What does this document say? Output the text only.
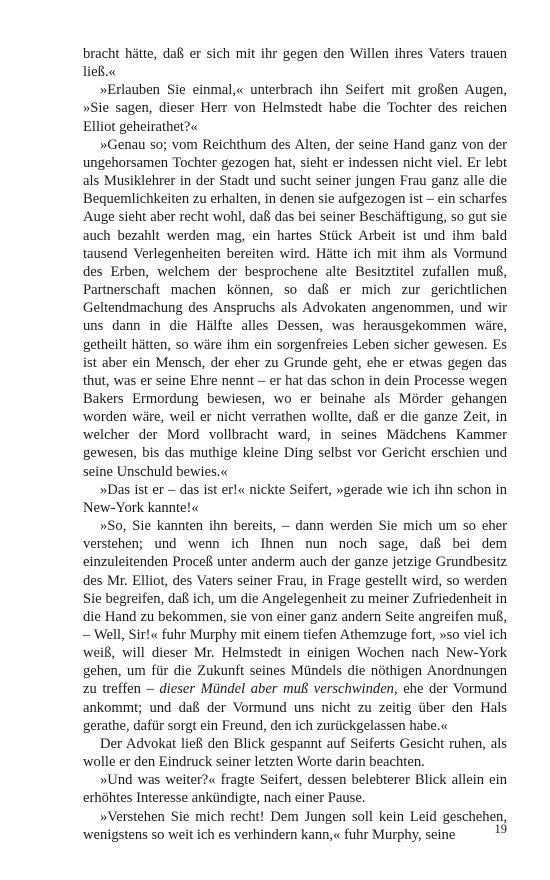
bracht hätte, daß er sich mit ihr gegen den Willen ihres Vaters trauen ließ.«

»Erlauben Sie einmal,« unterbrach ihn Seifert mit großen Augen, »Sie sagen, dieser Herr von Helmstedt habe die Tochter des reichen Elliot geheirathet?«

»Genau so; vom Reichthum des Alten, der seine Hand ganz von der ungehorsamen Tochter gezogen hat, sieht er indessen nicht viel. Er lebt als Musiklehrer in der Stadt und sucht seiner jungen Frau ganz alle die Bequemlichkeiten zu erhalten, in denen sie aufgezogen ist – ein scharfes Auge sieht aber recht wohl, daß das bei seiner Beschäftigung, so gut sie auch bezahlt werden mag, ein hartes Stück Arbeit ist und ihm bald tausend Verlegenheiten bereiten wird. Hätte ich mit ihm als Vormund des Erben, welchem der besprochene alte Besitztitel zufallen muß, Partnerschaft machen können, so daß er mich zur gerichtlichen Geltendmachung des Anspruchs als Advokaten angenommen, und wir uns dann in die Hälfte alles Dessen, was herausgekommen wäre, getheilt hätten, so wäre ihm ein sorgenfreies Leben sicher gewesen. Es ist aber ein Mensch, der eher zu Grunde geht, ehe er etwas gegen das thut, was er seine Ehre nennt – er hat das schon in dein Processe wegen Bakers Ermordung bewiesen, wo er beinahe als Mörder gehangen worden wäre, weil er nicht verrathen wollte, daß er die ganze Zeit, in welcher der Mord vollbracht ward, in seines Mädchens Kammer gewesen, bis das muthige kleine Ding selbst vor Gericht erschien und seine Unschuld bewies.«

»Das ist er – das ist er!« nickte Seifert, »gerade wie ich ihn schon in New-York kannte!«

»So, Sie kannten ihn bereits, – dann werden Sie mich um so eher verstehen; und wenn ich Ihnen nun noch sage, daß bei dem einzuleitenden Proceß unter anderm auch der ganze jetzige Grundbesitz des Mr. Elliot, des Vaters seiner Frau, in Frage gestellt wird, so werden Sie begreifen, daß ich, um die Angelegenheit zu meiner Zufriedenheit in die Hand zu bekommen, sie von einer ganz andern Seite angreifen muß, – Well, Sir!« fuhr Murphy mit einem tiefen Athemzuge fort, »so viel ich weiß, will dieser Mr. Helmstedt in einigen Wochen nach New-York gehen, um für die Zukunft seines Mündels die nöthigen Anordnungen zu treffen – dieser Mündel aber muß verschwinden, ehe der Vormund ankommt; und daß der Vormund uns nicht zu zeitig über den Hals gerathe, dafür sorgt ein Freund, den ich zurückgelassen habe.«

Der Advokat ließ den Blick gespannt auf Seiferts Gesicht ruhen, als wolle er den Eindruck seiner letzten Worte darin beachten.

»Und was weiter?« fragte Seifert, dessen belebterer Blick allein ein erhöhtes Interesse ankündigte, nach einer Pause.

»Verstehen Sie mich recht! Dem Jungen soll kein Leid geschehen, wenigstens so weit ich es verhindern kann,« fuhr Murphy, seine	19
